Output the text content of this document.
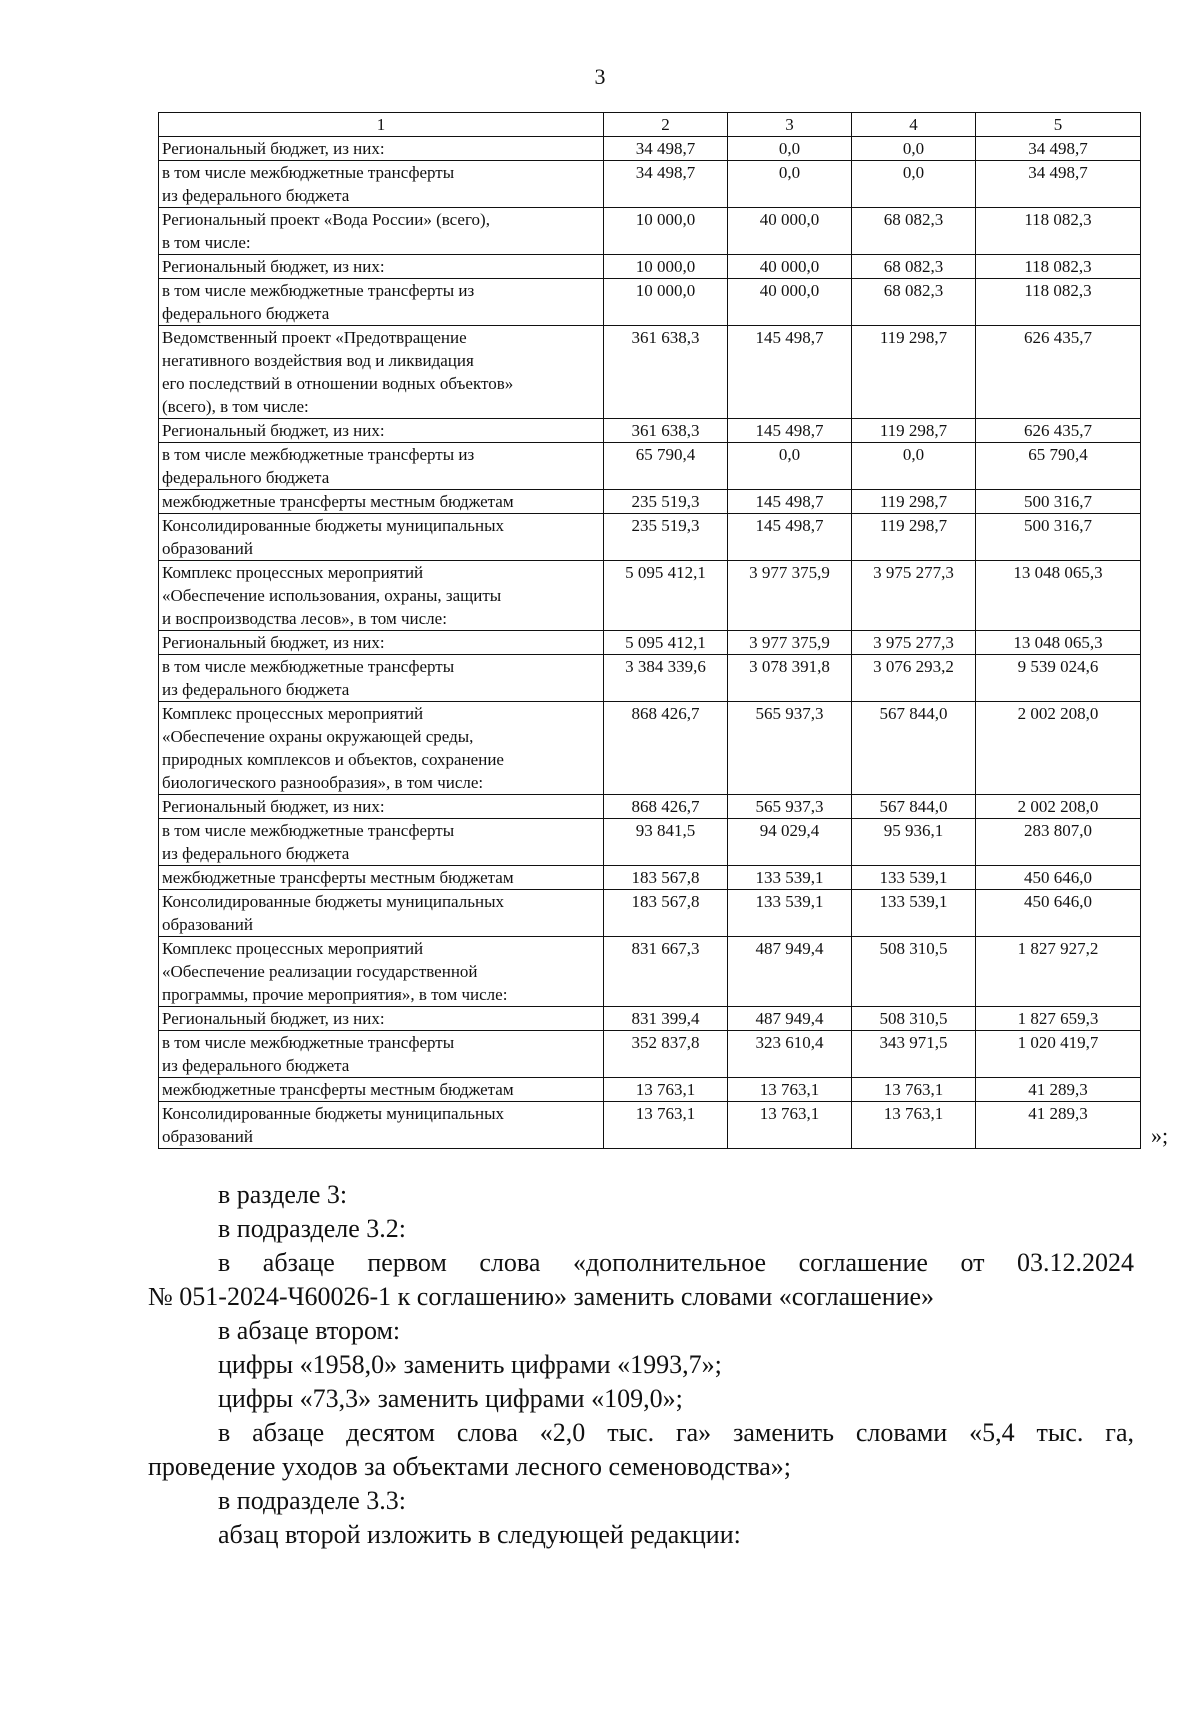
3
1	2	3	4	5
Региональный бюджет, из них:	34 498,7	0,0	0,0	34 498,7
в том числе межбюджетные трансферты
из федерального бюджета	34 498,7	0,0	0,0	34 498,7
Региональный проект «Вода России» (всего),
в том числе:	10 000,0	40 000,0	68 082,3	118 082,3
Региональный бюджет, из них:	10 000,0	40 000,0	68 082,3	118 082,3
в том числе межбюджетные трансферты из
федерального бюджета	10 000,0	40 000,0	68 082,3	118 082,3
Ведомственный проект «Предотвращение
негативного воздействия вод и ликвидация
его последствий в отношении водных объектов»
(всего), в том числе:	361 638,3	145 498,7	119 298,7	626 435,7
Региональный бюджет, из них:	361 638,3	145 498,7	119 298,7	626 435,7
в том числе межбюджетные трансферты из
федерального бюджета	65 790,4	0,0	0,0	65 790,4
межбюджетные трансферты местным бюджетам	235 519,3	145 498,7	119 298,7	500 316,7
Консолидированные бюджеты муниципальных
образований	235 519,3	145 498,7	119 298,7	500 316,7
Комплекс процессных мероприятий
«Обеспечение использования, охраны, защиты
и воспроизводства лесов», в том числе:	5 095 412,1	3 977 375,9	3 975 277,3	13 048 065,3
Региональный бюджет, из них:	5 095 412,1	3 977 375,9	3 975 277,3	13 048 065,3
в том числе межбюджетные трансферты
из федерального бюджета	3 384 339,6	3 078 391,8	3 076 293,2	9 539 024,6
Комплекс процессных мероприятий
«Обеспечение охраны окружающей среды,
природных комплексов и объектов, сохранение
биологического разнообразия», в том числе:	868 426,7	565 937,3	567 844,0	2 002 208,0
Региональный бюджет, из них:	868 426,7	565 937,3	567 844,0	2 002 208,0
в том числе межбюджетные трансферты
из федерального бюджета	93 841,5	94 029,4	95 936,1	283 807,0
межбюджетные трансферты местным бюджетам	183 567,8	133 539,1	133 539,1	450 646,0
Консолидированные бюджеты муниципальных
образований	183 567,8	133 539,1	133 539,1	450 646,0
Комплекс процессных мероприятий
«Обеспечение реализации государственной
программы, прочие мероприятия», в том числе:	831 667,3	487 949,4	508 310,5	1 827 927,2
Региональный бюджет, из них:	831 399,4	487 949,4	508 310,5	1 827 659,3
в том числе межбюджетные трансферты
из федерального бюджета	352 837,8	323 610,4	343 971,5	1 020 419,7
межбюджетные трансферты местным бюджетам	13 763,1	13 763,1	13 763,1	41 289,3
Консолидированные бюджеты муниципальных
образований	13 763,1	13 763,1	13 763,1	41 289,3
»;

в разделе 3:

в подразделе 3.2:

в абзаце первом слова «дополнительное соглашение от 03.12.2024

№ 051-2024-Ч60026-1 к соглашению» заменить словами «соглашение»

в абзаце втором:

цифры «1958,0» заменить цифрами «1993,7»;

цифры «73,3» заменить цифрами «109,0»;

в абзаце десятом слова «2,0 тыс. га» заменить словами «5,4 тыс. га,

проведение уходов за объектами лесного семеноводства»;

в подразделе 3.3:

абзац второй изложить в следующей редакции:
